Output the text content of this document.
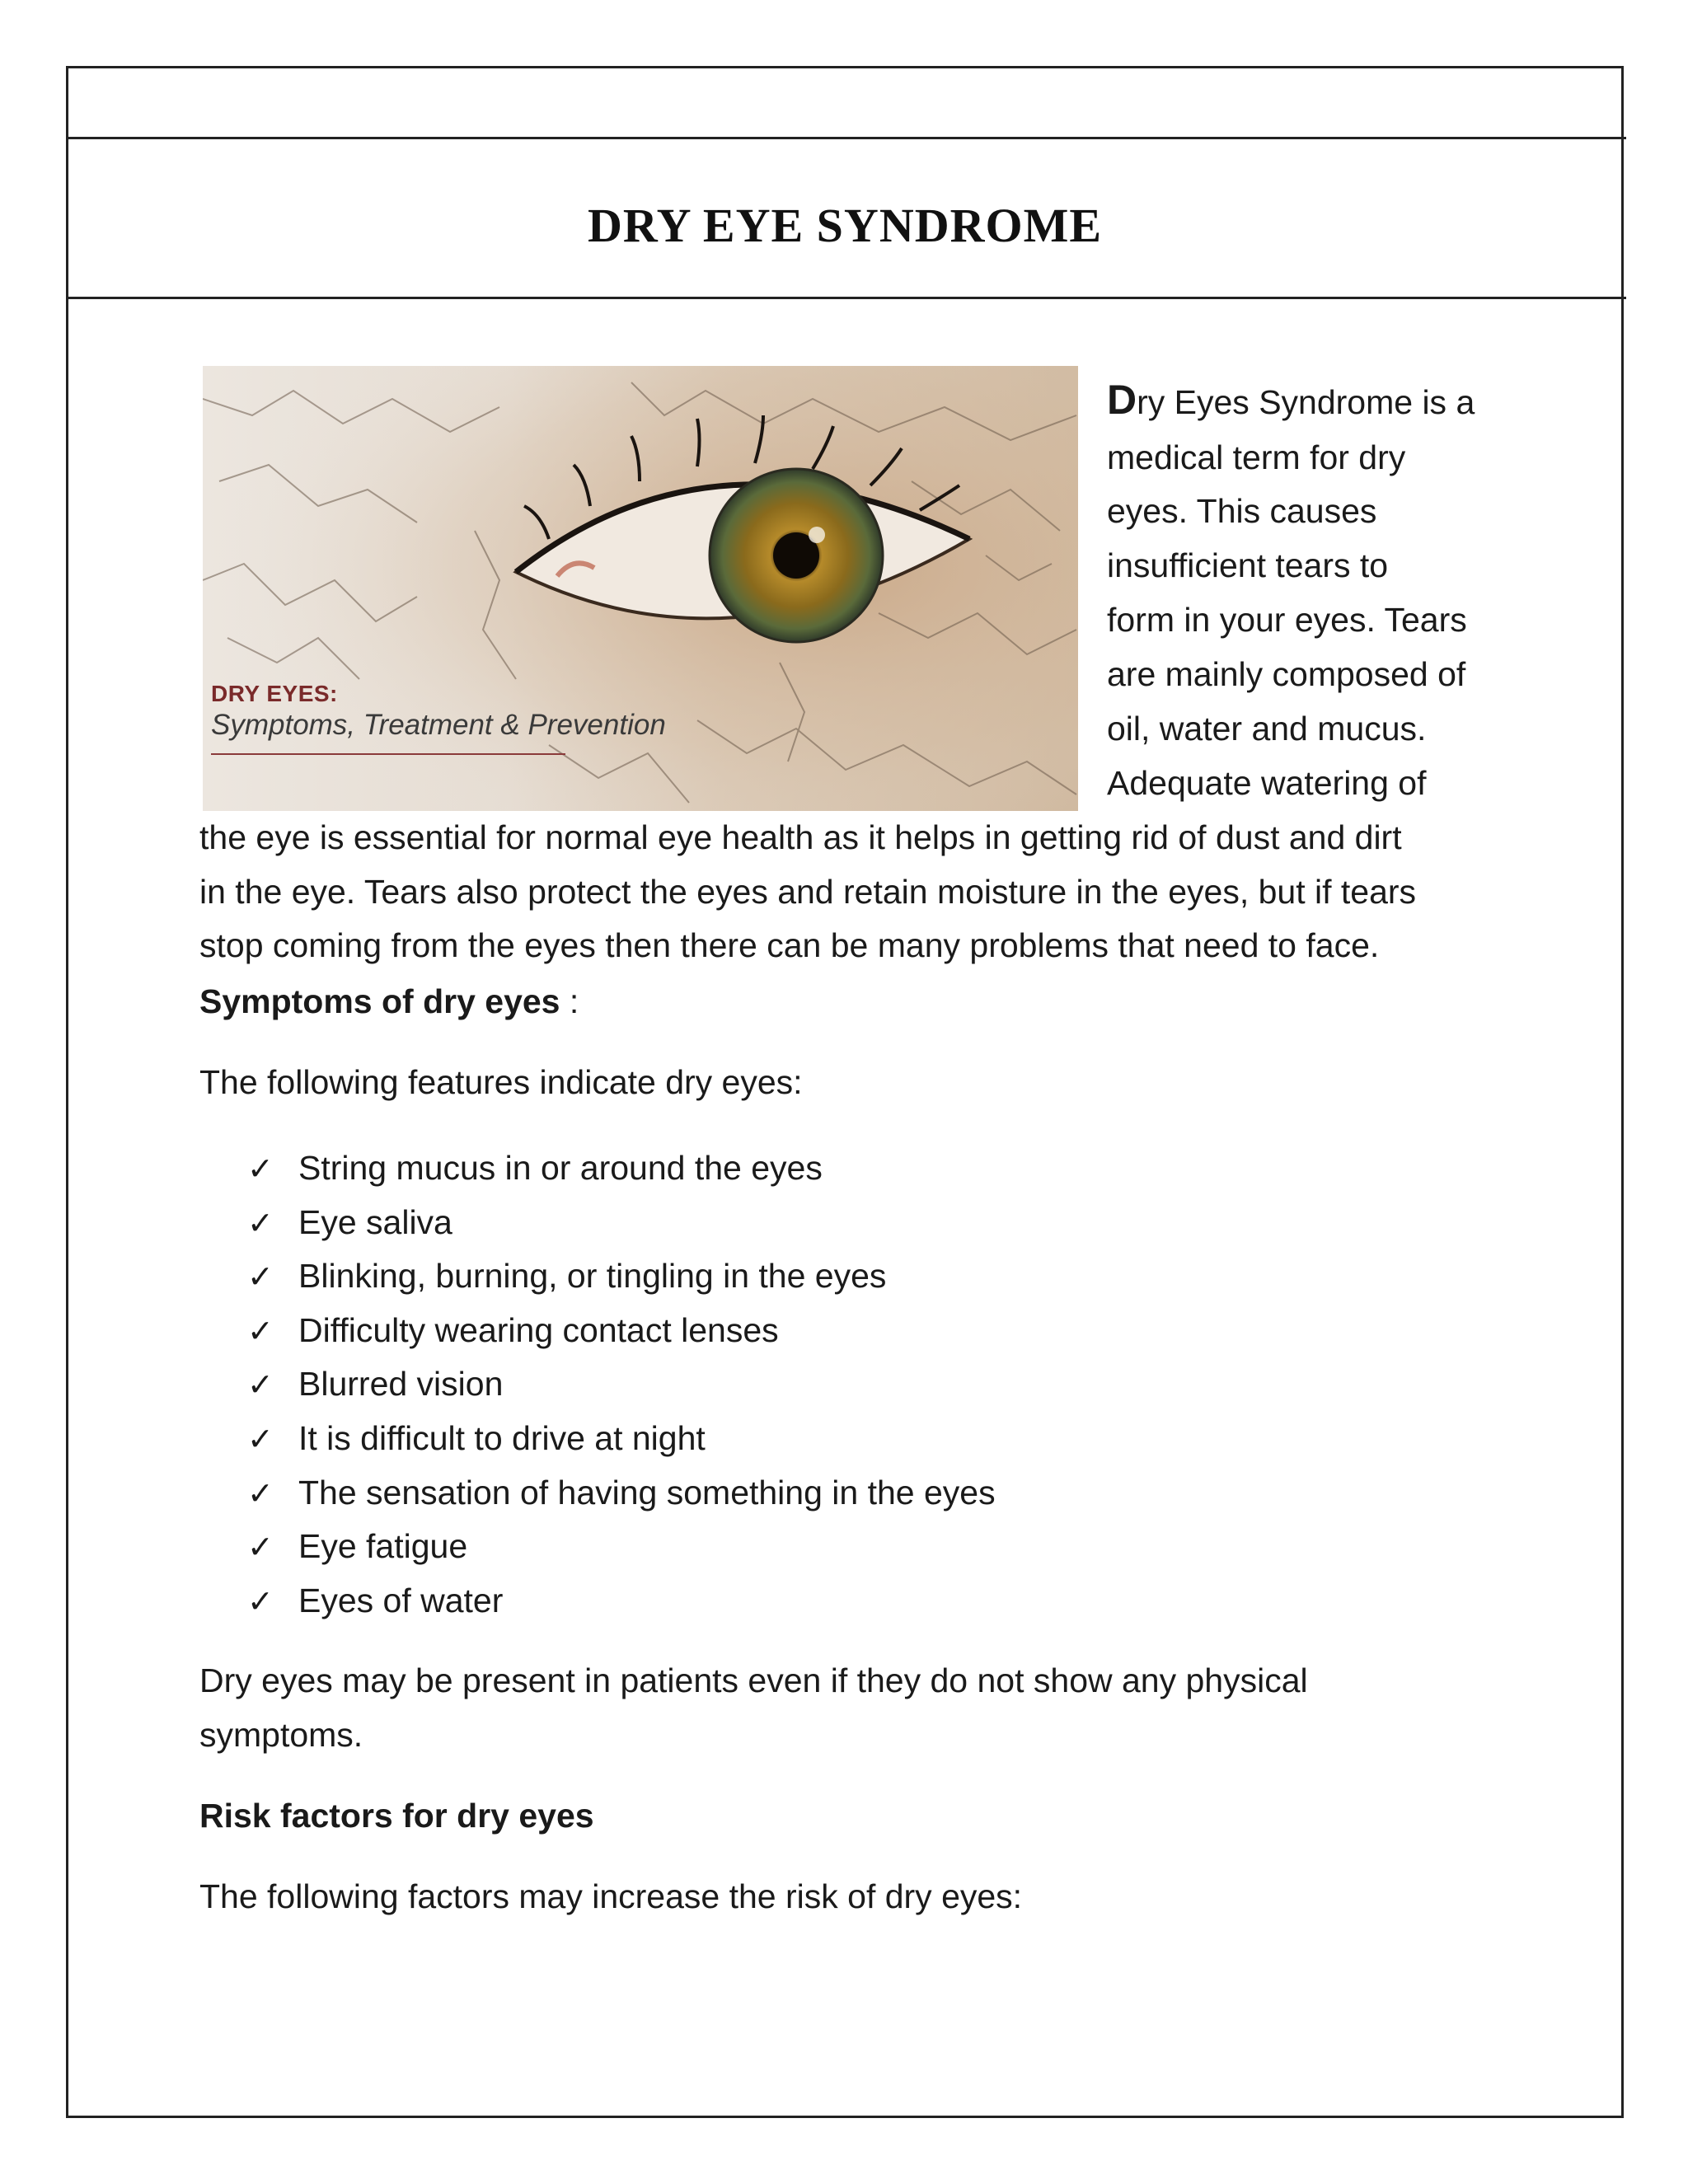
DRY EYE SYNDROME
DRY EYES:
Symptoms, Treatment & Prevention
Dry Eyes Syndrome is a
medical term for dry
eyes. This causes
insufficient tears to
form in your eyes. Tears
are mainly composed of
oil, water and mucus.
Adequate watering of
the eye is essential for normal eye health as it helps in getting rid of dust and dirt
in the eye. Tears also protect the eyes and retain moisture in the eyes, but if tears
stop coming from the eyes then there can be many problems that need to face.
Symptoms of dry eyes :
The following features indicate dry eyes:
✓ String mucus in or around the eyes
✓ Eye saliva
✓ Blinking, burning, or tingling in the eyes
✓ Difficulty wearing contact lenses
✓ Blurred vision
✓ It is difficult to drive at night
✓ The sensation of having something in the eyes
✓ Eye fatigue
✓ Eyes of water
Dry eyes may be present in patients even if they do not show any physical
symptoms.
Risk factors for dry eyes
The following factors may increase the risk of dry eyes:
